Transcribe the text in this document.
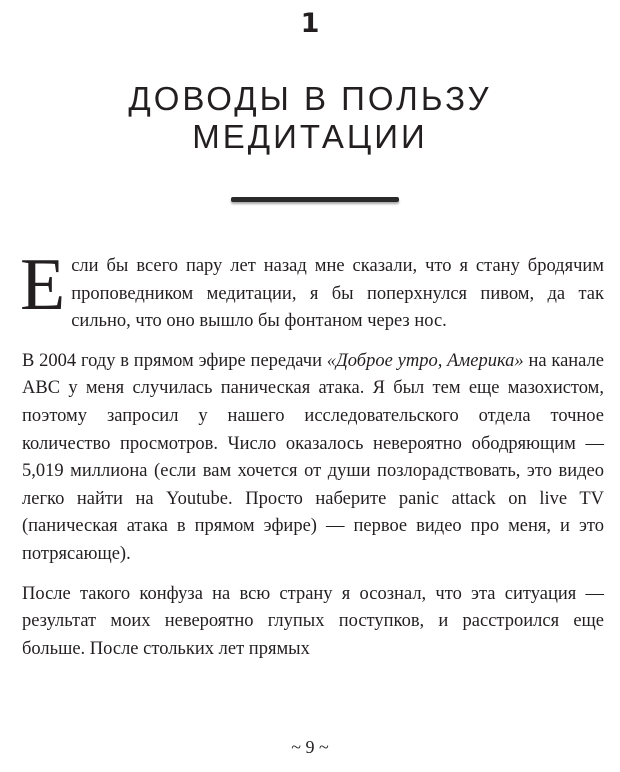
1
ДОВОДЫ В ПОЛЬЗУ
МЕДИТАЦИИ

Если бы всего пару лет назад мне сказали, что я стану бродячим проповедником медитации, я бы поперхнулся пивом, да так сильно, что оно вышло бы фонтаном через нос.

В 2004 году в прямом эфире передачи «Доброе утро, Америка» на канале ABC у меня случилась паническая атака. Я был тем еще мазохистом, поэтому запросил у нашего исследовательского отдела точное количество просмотров. Число оказалось невероятно ободряющим — 5,019 миллиона (если вам хочется от души позлорадствовать, это видео легко найти на Youtube. Просто наберите panic attack on live TV (паническая атака в прямом эфире) — первое видео про меня, и это потрясающе).

После такого конфуза на всю страну я осознал, что эта ситуация — результат моих невероятно глупых поступков, и расстроился еще больше. После стольких лет прямых

~ 9 ~
